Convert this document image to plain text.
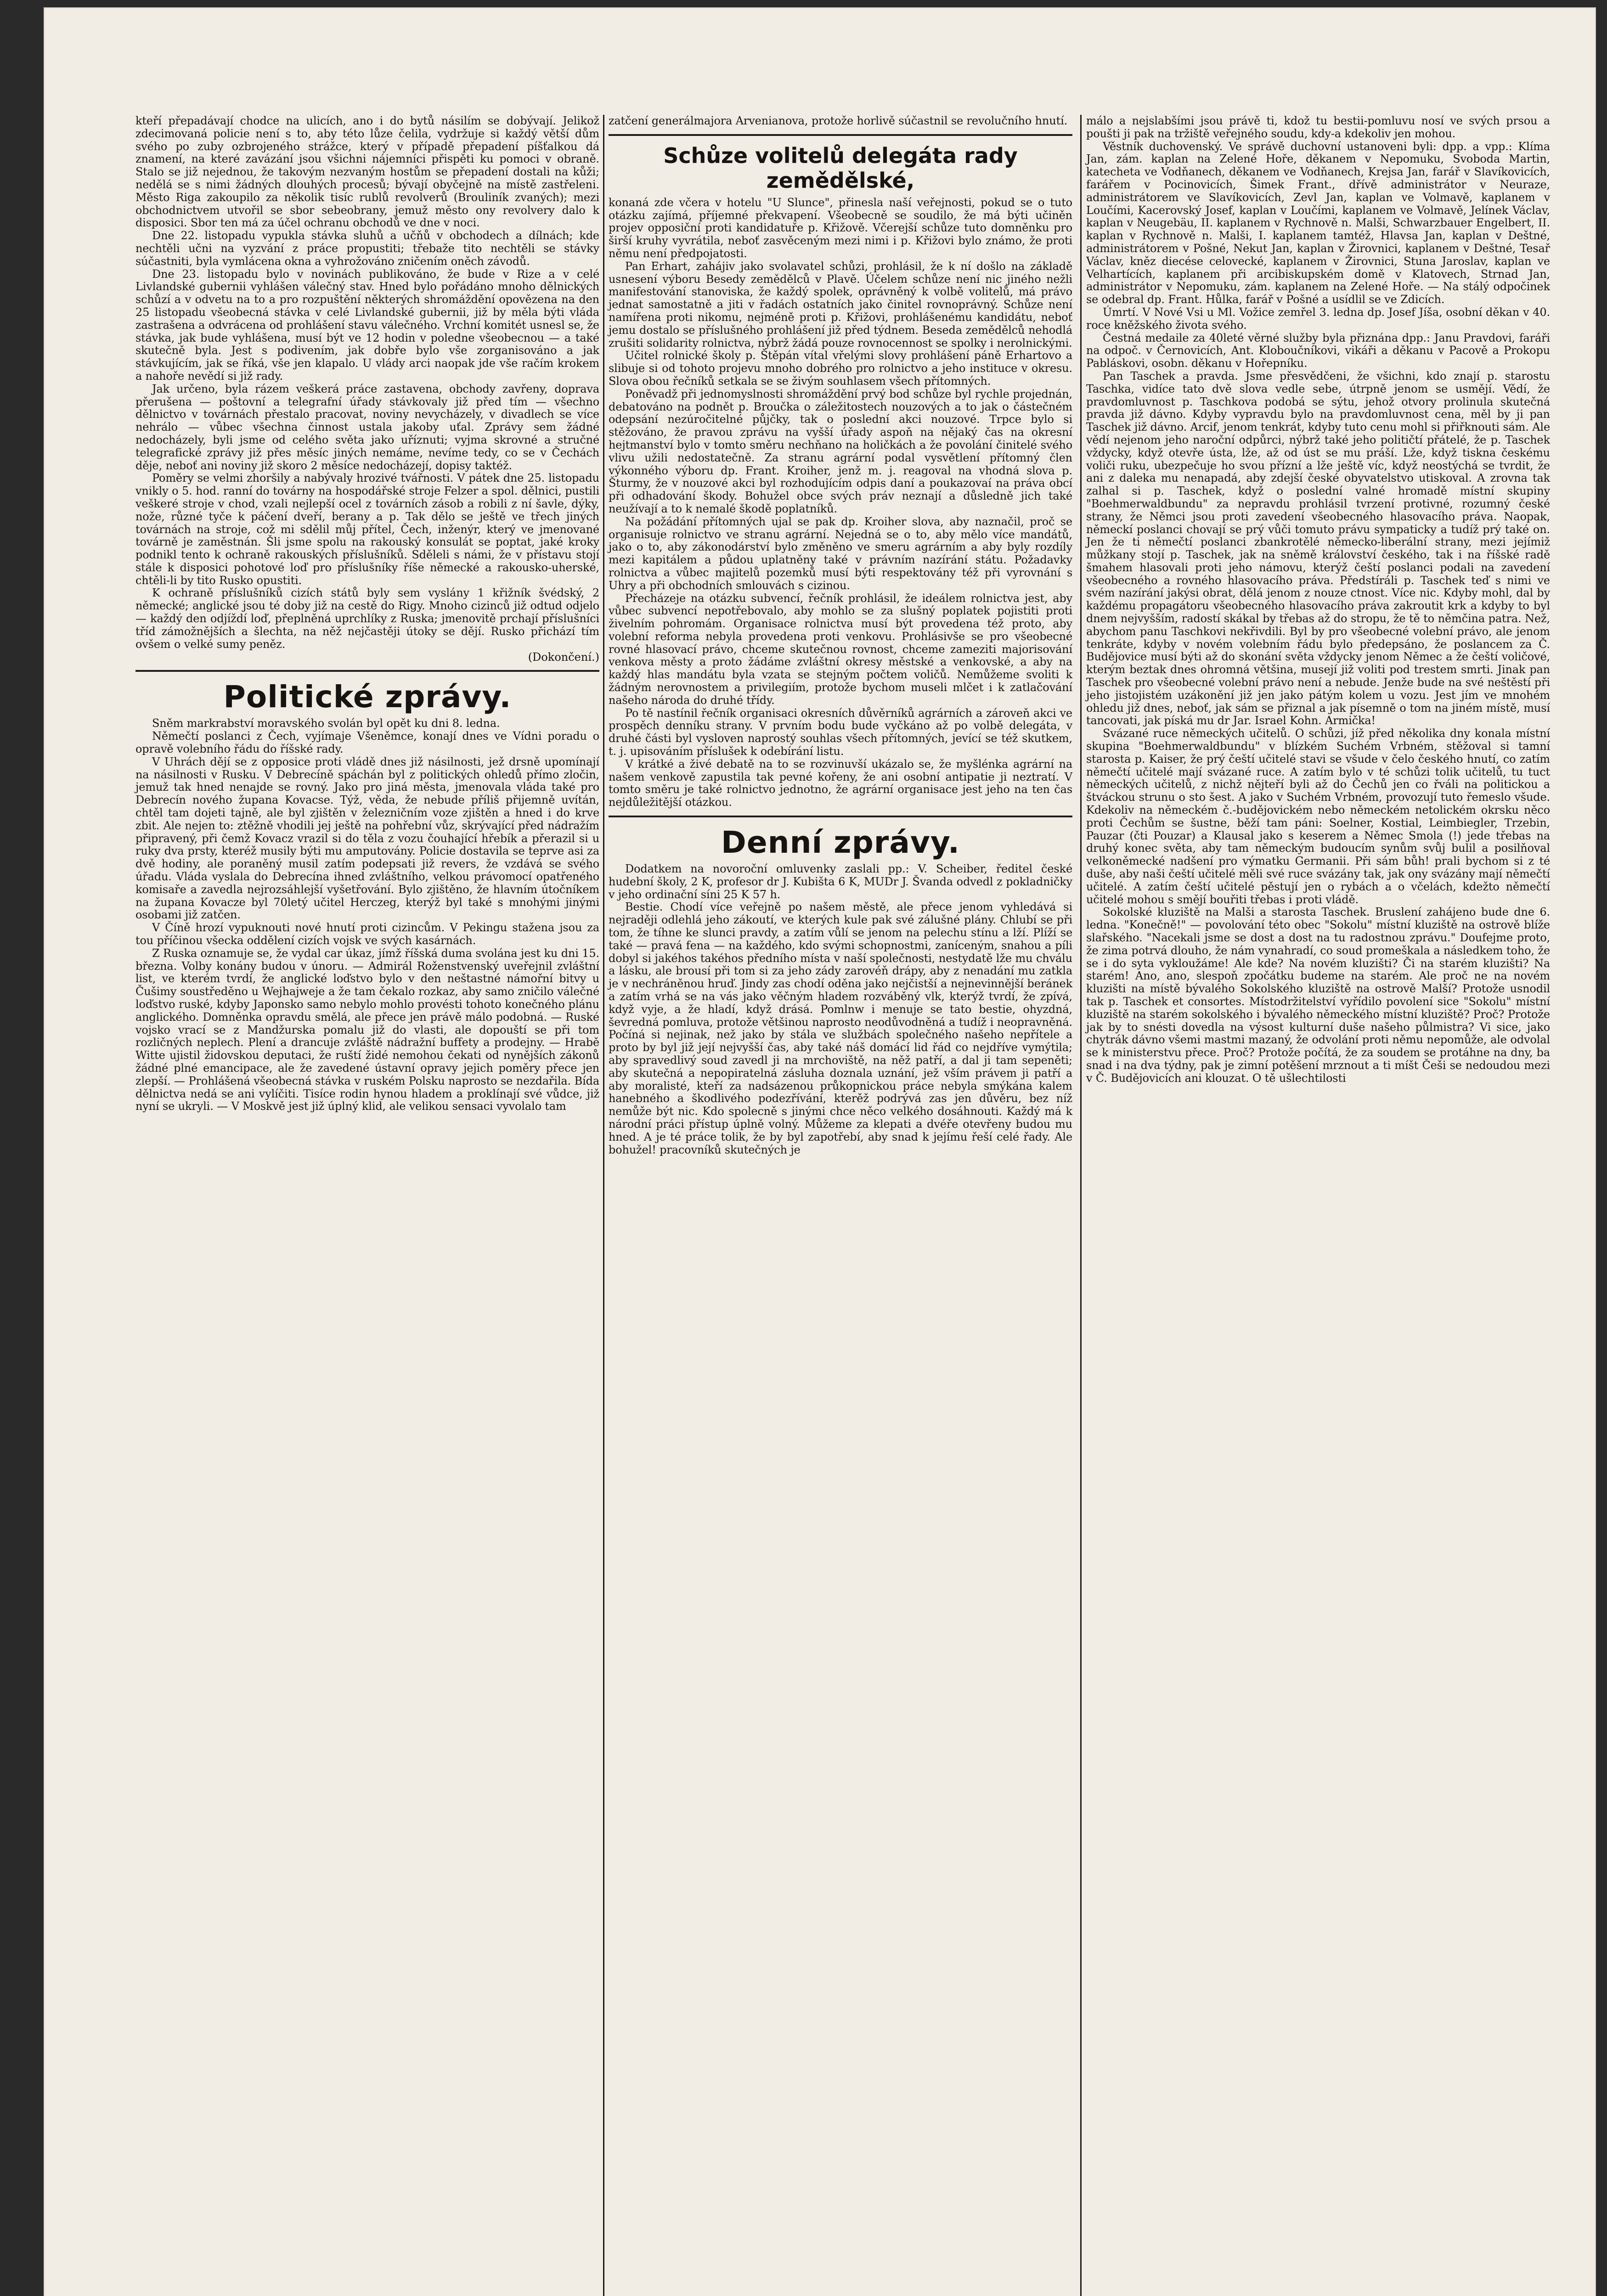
kteří přepadávají chodce na ulicích, ano i do bytů násilím se dobývají. Jelikož zdecimovaná policie není s to, aby této lůze čelila, vydržuje si každý větší dům svého po zuby ozbrojeného strážce, který v případě přepadení píšťalkou dá znamení, na které zavázání jsou všichni nájemníci přispěti ku pomoci v obraně. Stalo se již nejednou, že takovým nezvaným hostům se přepadení dostali na kůži; nedělá se s nimi žádných dlouhých procesů; bývají obyčejně na místě zastřeleni. Město Riga zakoupilo za několik tisíc rublů revolverů (Brouliník zvaných); mezi obchodnictvem utvořil se sbor sebeobrany, jemuž město ony revolvery dalo k disposici. Sbor ten má za účel ochranu obchodů ve dne v noci.

Dne 22. listopadu vypukla stávka sluhů a učňů v obchodech a dílnách; kde nechtěli učni na vyzvání z práce propustiti; třebaže tito nechtěli se stávky súčastniti, byla vymlácena okna a vyhrožováno zničením oněch závodů.

Dne 23. listopadu bylo v novinách publikováno, že bude v Rize a v celé Livlandské gubernii vyhlášen válečný stav. Hned bylo pořádáno mnoho dělnických schůzí a v odvetu na to a pro rozpuštění některých shromáždění opovězena na den 25 listopadu všeobecná stávka v celé Livlandské gubernii, již by měla býti vláda zastrašena a odvrácena od prohlášení stavu válečného. Vrchní komitét usnesl se, že stávka, jak bude vyhlášena, musí být ve 12 hodin v poledne všeobecnou — a také skutečně byla. Jest s podivením, jak dobře bylo vše zorganisováno a jak stávkujícím, jak se říká, vše jen klapalo. U vlády arci naopak jde vše račím krokem a nahoře nevědí si již rady.

Jak určeno, byla rázem veškerá práce zastavena, obchody zavřeny, doprava přerušena — poštovní a telegrafní úřady stávkovaly již před tím — všechno dělnictvo v továrnách přestalo pracovat, noviny nevycházely, v divadlech se více nehrálo — vůbec všechna činnost ustala jakoby uťal. Zprávy sem žádné nedocházely, byli jsme od celého světa jako uříznuti; vyjma skrovné a stručné telegrafické zprávy již přes měsíc jiných nemáme, nevíme tedy, co se v Čechách děje, neboť ani noviny již skoro 2 měsíce nedocházejí, dopisy taktéž.

Poměry se velmi zhoršily a nabývaly hrozivé tvářnosti. V pátek dne 25. listopadu vnikly o 5. hod. ranní do továrny na hospodářské stroje Felzer a spol. dělnici, pustili veškeré stroje v chod, vzali nejlepší ocel z továrních zásob a robili z ní šavle, dýky, nože, různé tyče k páčení dveří, berany a p. Tak dělo se ještě ve třech jiných továrnách na stroje, což mi sdělil můj přítel, Čech, inženýr, který ve jmenované továrně je zaměstnán. Šli jsme spolu na rakouský konsulát se poptat, jaké kroky podnikl tento k ochraně rakouských příslušníků. Sděleli s námi, že v přístavu stojí stále k disposici pohotové loď pro příslušníky říše německé a rakousko-uherské, chtěli-li by tito Rusko opustiti.

K ochraně příslušníků cizích států byly sem vyslány 1 křižník švédský, 2 německé; anglické jsou té doby již na cestě do Rigy. Mnoho cizinců již odtud odjelo — každý den odjíždí loď, přeplněná uprchlíky z Ruska; jmenovitě prchají příslušníci tříd zámožnějších a šlechta, na něž nejčastěji útoky se dějí. Rusko přichází tím ovšem o velké sumy peněz.

(Dokončení.)

Politické zprávy.

Sněm markrabství moravského svolán byl opět ku dni 8. ledna.

Němečtí poslanci z Čech, vyjímaje Všeněmce, konají dnes ve Vídni poradu o opravě volebního řádu do říšské rady.

V Uhrách dějí se z opposice proti vládě dnes již násilnosti, jež drsně upomínají na násilnosti v Rusku. V Debrecíně spáchán byl z politických ohledů přímo zločin, jemuž tak hned nenajde se rovný. Jako pro jiná města, jmenovala vláda také pro Debrecín nového župana Kovacse. Týž, věda, že nebude příliš přijemně uvítán, chtěl tam dojeti tajně, ale byl zjištěn v železničním voze zjištěn a hned i do krve zbit. Ale nejen to: ztěžně vhodili jej ještě na pohřební vůz, skrývající před nádražím připravený, při čemž Kovacz vrazil si do těla z vozu čouhající hřebík a přerazil si u ruky dva prsty, kteréž musily býti mu amputovány. Policie dostavila se teprve asi za dvě hodiny, ale poraněný musil zatím podepsati již revers, že vzdává se svého úřadu. Vláda vyslala do Debrecína ihned zvláštního, velkou právomocí opatřeného komisaře a zavedla nejrozsáhlejší vyšetřování. Bylo zjištěno, že hlavním útočníkem na župana Kovacze byl 70letý učitel Herczeg, kterýž byl také s mnohými jinými osobami již zatčen.

V Číně hrozí vypuknouti nové hnutí proti cizincům. V Pekingu stažena jsou za tou příčinou všecka oddělení cizích vojsk ve svých kasárnách.

Z Ruska oznamuje se, že vydal car úkaz, jímž říšská duma svolána jest ku dni 15. března. Volby konány budou v únoru. — Admirál Roženstvenský uveřejnil zvláštní list, ve kterém tvrdí, že anglické loďstvo bylo v den neštastné námořní bitvy u Čušimy soustředěno u Wejhajweje a že tam čekalo rozkaz, aby samo zničilo válečné loďstvo ruské, kdyby Japonsko samo nebylo mohlo provésti tohoto konečného plánu anglického. Domněnka opravdu smělá, ale přece jen právě málo podobná. — Ruské vojsko vrací se z Mandžurska pomalu již do vlasti, ale dopouští se při tom rozličných neplech. Plení a drancuje zvláště nádražní buffety a prodejny. — Hrabě Witte ujistil židovskou deputaci, že ruští židé nemohou čekati od nynějších zákonů žádné plné emancipace, ale že zavedené ústavní opravy jejich poměry přece jen zlepší. — Prohlášená všeobecná stávka v ruském Polsku naprosto se nezdařila. Bída dělnictva nedá se ani vylíčiti. Tisíce rodin hynou hladem a proklínají své vůdce, již nyní se ukryli. — V Moskvě jest již úplný klid, ale velikou sensaci vyvolalo tam

zatčení generálmajora Arvenianova, protože horlivě súčastnil se revolučního hnutí.

Schůze volitelů delegáta rady zemědělské,

konaná zde včera v hotelu "U Slunce", přinesla naší veřejnosti, pokud se o tuto otázku zajímá, příjemné překvapení. Všeobecně se soudilo, že má býti učiněn projev opposiční proti kandidatuře p. Křižově. Včerejší schůze tuto domněnku pro širší kruhy vyvrátila, neboť zasvěceným mezi nimi i p. Křižovi bylo známo, že proti němu není předpojatosti.

Pan Erhart, zahájiv jako svolavatel schůzi, prohlásil, že k ní došlo na základě usnesení výboru Besedy zemědělců v Plavě. Účelem schůze není nic jiného nežli manifestování stanoviska, že každý spolek, oprávněný k volbě volitelů, má právo jednat samostatně a jiti v řadách ostatních jako činitel rovnoprávný. Schůze není namířena proti nikomu, nejméně proti p. Křižovi, prohlášenému kandidátu, neboť jemu dostalo se příslušného prohlášení již před týdnem. Beseda zemědělců nehodlá zrušiti solidarity rolnictva, nýbrž žádá pouze rovnocennost se spolky i nerolnickými.

Učitel rolnické školy p. Štěpán vítal vřelými slovy prohlášení páně Erhartovo a slibuje si od tohoto projevu mnoho dobrého pro rolnictvo a jeho instituce v okresu. Slova obou řečníků setkala se se živým souhlasem všech přítomných.

Poněvadž při jednomyslnosti shromáždění prvý bod schůze byl rychle projednán, debatováno na podnět p. Broučka o záležitostech nouzových a to jak o částečném odepsání nezúročitelné půjčky, tak o poslední akci nouzové. Trpce bylo si stěžováno, že pravou zprávu na vyšší úřady aspoň na nějaký čas na okresní hejtmanství bylo v tomto směru nechňano na holičkách a že povolání činitelé svého vlivu užili nedostatečně. Za stranu agrární podal vysvětlení přítomný člen výkonného výboru dp. Frant. Kroiher, jenž m. j. reagoval na vhodná slova p. Šturmy, že v nouzové akci byl rozhodujícím odpis daní a poukazovaí na práva obcí při odhadování škody. Bohužel obce svých práv neznají a důsledně jich také neužívají a to k nemalé škodě poplatníků.

Na požádání přítomných ujal se pak dp. Kroiher slova, aby naznačil, proč se organisuje rolnictvo ve stranu agrární. Nejedná se o to, aby mělo více mandátů, jako o to, aby zákonodárství bylo změněno ve smeru agrárním a aby byly rozdíly mezi kapitálem a půdou uplatněny také v právním nazírání státu. Požadavky rolnictva a vůbec majitelů pozemků musí býti respektovány též při vyrovnání s Uhry a při obchodních smlouvách s cizinou.

Přecházeje na otázku subvencí, řečník prohlásil, že ideálem rolnictva jest, aby vůbec subvencí nepotřebovalo, aby mohlo se za slušný poplatek pojistiti proti živelním pohromám. Organisace rolnictva musí být provedena též proto, aby volební reforma nebyla provedena proti venkovu. Prohlásivše se pro všeobecné rovné hlasovací právo, chceme skutečnou rovnost, chceme zameziti majorisování venkova městy a proto žádáme zvláštní okresy městské a venkovské, a aby na každý hlas mandátu byla vzata se stejným počtem voličů. Nemůžeme svoliti k žádným nerovnostem a privilegiím, protože bychom museli mlčet i k zatlačování našeho národa do druhé třídy.

Po tě nastínil řečník organisaci okresních důvěrníků agrárních a zároveň akci ve prospěch denníku strany. V prvním bodu bude vyčkáno až po volbě delegáta, v druhé části byl vysloven naprostý souhlas všech přítomných, jevící se též skutkem, t. j. upisováním příslušek k odebírání listu.

V krátké a živé debatě na to se rozvinuvší ukázalo se, že myšlénka agrární na našem venkově zapustila tak pevné kořeny, že ani osobní antipatie ji neztratí. V tomto směru je také rolnictvo jednotno, že agrární organisace jest jeho na ten čas nejdůležitější otázkou.

Denní zprávy.

Dodatkem na novoroční omluvenky zaslali pp.: V. Scheiber, ředitel české hudební školy, 2 K, profesor dr J. Kubišta 6 K, MUDr J. Švanda odvedl z pokladničky v jeho ordinační síni 25 K 57 h.

Bestie. Chodí více veřejně po našem městě, ale přece jenom vyhledává si nejraději odlehlá jeho zákoutí, ve kterých kule pak své zálušné plány. Chlubí se při tom, že tíhne ke slunci pravdy, a zatím vůlí se jenom na pelechu stínu a lží. Plíží se také — pravá fena — na každého, kdo svými schopnostmi, zaníceným, snahou a píli dobyl si jakéhos takéhos předního místa v naší společnosti, nestydatě lže mu chválu a lásku, ale brousí při tom si za jeho zády zarovéň drápy, aby z nenadání mu zatkla je v nechráněnou hruď. Jindy zas chodí oděna jako nejčistší a nejnevinnější beránek a zatím vrhá se na vás jako věčným hladem rozváběný vlk, kterýž tvrdí, že zpívá, když vyje, a že hladí, když drásá. Pomlnw i menuje se tato bestie, ohyzdná, ševredná pomluva, protože většinou naprosto neodůvodněná a tudíž i neopravněná. Počíná si nejinak, než jako by stála ve službách společného našeho nepřítele a proto by byl již její nejvyšší čas, aby také náš domácí lid řád co nejdříve vymýtila; aby spravedlivý soud zavedl ji na mrchoviště, na něž patří, a dal ji tam sepeněti; aby skutečná a nepopiratelná zásluha doznala uznání, jež vším právem ji patří a aby moralisté, kteří za nadsázenou průkopnickou práce nebyla smýkána kalem hanebného a škodlivého podezřívání, kterěž podrývá zas jen důvěru, bez níž nemůže být nic. Kdo spolecně s jinými chce něco velkého dosáhnouti. Každý má k národní práci přístup úplně volný. Můžeme za klepati a dvéře otevřeny budou mu hned. A je té práce tolik, že by byl zapotřebí, aby snad k jejímu řeší celé řady. Ale bohužel! pracovníků skutečných je

málo a nejslabšími jsou právě ti, kdož tu bestii-pomluvu nosí ve svých prsou a poušti ji pak na tržiště veřejného soudu, kdy-a kdekoliv jen mohou.

Věstník duchovenský. Ve správě duchovní ustanoveni byli: dpp. a vpp.: Klíma Jan, zám. kaplan na Zelené Hoře, děkanem v Nepomuku, Svoboda Martin, katecheta ve Vodňanech, děkanem ve Vodňanech, Krejsa Jan, farář v Slavíkovicích, farářem v Pocinovicích, Šimek Frant., dřívě administrátor v Neuraze, administrátorem ve Slavíkovicích, Zevl Jan, kaplan ve Volmavě, kaplanem v Loučími, Kacerovský Josef, kaplan v Loučími, kaplanem ve Volmavě, Jelínek Václav, kaplan v Neugebäu, II. kaplanem v Rychnově n. Malši, Schwarzbauer Engelbert, II. kaplan v Rychnově n. Malši, I. kaplanem tamtéž, Hlavsa Jan, kaplan v Deštné, administrátorem v Pošné, Nekut Jan, kaplan v Žirovnici, kaplanem v Deštné, Tesař Václav, kněz diecése celovecké, kaplanem v Žirovnici, Stuna Jaroslav, kaplan ve Velhartících, kaplanem při arcibiskupském domě v Klatovech, Strnad Jan, administrátor v Nepomuku, zám. kaplanem na Zelené Hoře. — Na stálý odpočinek se odebral dp. Frant. Hůlka, farář v Pošné a usídlil se ve Zdicích.

Úmrtí. V Nové Vsi u Ml. Vožice zemřel 3. ledna dp. Josef Jíša, osobní děkan v 40. roce kněžského života svého.

Čestná medaile za 40leté věrné služby byla přiznána dpp.: Janu Pravdovi, faráři na odpoč. v Černovicích, Ant. Kloboučníkovi, vikáři a děkanu v Pacově a Prokopu Pabláskovi, osobn. děkanu v Hořepníku.

Pan Taschek a pravda. Jsme přesvědčeni, že všichni, kdo znají p. starostu Taschka, vidíce tato dvě slova vedle sebe, útrpně jenom se usmějí. Vědí, že pravdomluvnost p. Taschkova podobá se sýtu, jehož otvory prolinula skutečná pravda již dávno. Kdyby vypravdu bylo na pravdomluvnost cena, měl by ji pan Taschek již dávno. Arcif, jenom tenkrát, kdyby tuto cenu mohl si přiřknouti sám. Ale vědí nejenom jeho naroční odpůrci, nýbrž také jeho političtí přátelé, že p. Taschek vždycky, když otevře ústa, lže, až od úst se mu práší. Lže, když tiskna českému voliči ruku, ubezpečuje ho svou přízní a lže ještě víc, když neostýchá se tvrdit, že ani z daleka mu nenapadá, aby zdejší české obyvatelstvo utiskoval. A zrovna tak zalhal si p. Taschek, když o poslední valné hromadě místní skupiny "Boehmerwaldbundu" za nepravdu prohlásil tvrzení protivné, rozumný české strany, že Němci jsou proti zavedení všeobecného hlasovacího práva. Naopak, německí poslanci chovají se prý vůči tomuto právu sympaticky a tudíž prý také on. Jen že ti němečtí poslanci zbankrotělé německo-liberální strany, mezi jejímiž můžkany stojí p. Taschek, jak na sněmě království českého, tak i na říšské radě šmahem hlasovali proti jeho námovu, kterýž čeští poslanci podali na zavedení všeobecného a rovného hlasovacího práva. Předstíráli p. Taschek teď s nimi ve svém nazírání jakýsi obrat, dělá jenom z nouze ctnost. Více nic. Kdyby mohl, dal by každému propagátoru všeobecného hlasovacího práva zakroutit krk a kdyby to byl dnem nejvyšším, radostí skákal by třebas až do stropu, že tě to němčina patra. Než, abychom panu Taschkovi nekřivdili. Byl by pro všeobecné volební právo, ale jenom tenkráte, kdyby v novém volebním řádu bylo předepsáno, že poslancem za Č. Budějovice musí býti až do skonání světa vždycky jenom Němec a že čeští voličové, kterým beztak dnes ohromná většina, musejí již voliti pod trestem smrti. Jinak pan Taschek pro všeobecné volební právo není a nebude. Jenže bude na své neštěstí při jeho jistojistém uzákonění již jen jako pátým kolem u vozu. Jest jím ve mnohém ohledu již dnes, neboť, jak sám se přiznal a jak písemně o tom na jiném místě, musí tancovati, jak píská mu dr Jar. Israel Kohn. Armička!

Svázané ruce německých učitelů. O schůzi, jíž před několika dny konala místní skupina "Boehmerwaldbundu" v blízkém Suchém Vrbném, stěžoval si tamní starosta p. Kaiser, že prý čeští učitelé stavi se všude v čelo českého hnutí, co zatím němečtí učitelé mají svázané ruce. A zatím bylo v té schůzi tolik učitelů, tu tuct německých učitelů, z nichž nějteří byli až do Čechů jen co řváli na politickou a štváckou strunu o sto šest. A jako v Suchém Vrbném, provozují tuto řemeslo všude. Kdekoliv na německém č.-budějovickém nebo německém netolickém okrsku něco proti Čechům se šustne, běží tam páni: Soelner, Kostial, Leimbiegler, Trzebin, Pauzar (čti Pouzar) a Klausal jako s keserem a Němec Smola (!) jede třebas na druhý konec světa, aby tam německým budoucím synům svůj bulil a posilňoval velkoněmecké nadšení pro výmatku Germanii. Při sám bůh! prali bychom si z té duše, aby naši čeští učitelé měli své ruce svázány tak, jak ony svázány mají němečtí učitelé. A zatím čeští učitelé pěstují jen o rybách a o včelách, kdežto němečtí učitelé mohou s smějí bouřiti třebas i proti vládě.

Sokolské kluziště na Malši a starosta Taschek. Bruslení zahájeno bude dne 6. ledna. "Konečně!" — povolování této obec "Sokolu" místní kluziště na ostrově blíže slařského. "Nacekali jsme se dost a dost na tu radostnou zprávu." Doufejme proto, že zima potrvá dlouho, že nám vynahradí, co soud promeškala a následkem toho, že se i do syta vykloužáme! Ale kde? Na novém kluzišti? Či na starém kluzišti? Na starém! Ano, ano, slespoň zpočátku budeme na starém. Ale proč ne na novém kluzišti na místě bývalého Sokolského kluziště na ostrově Malší? Protože usnodil tak p. Taschek et consortes. Místodržitelství vyřídilo povolení sice "Sokolu" místní kluziště na starém sokolského i bývalého německého místní kluziště? Proč? Protože jak by to snésti dovedla na výsost kulturní duše našeho půlmistra? Vi sice, jako chytrák dávno všemi mastmi mazaný, že odvolání proti němu nepomůže, ale odvolal se k ministerstvu přece. Proč? Protože počítá, že za soudem se protáhne na dny, ba snad i na dva týdny, pak je zimní potěšení mrznout a ti míšt Češi se nedoudou mezi v Č. Budějovicích ani klouzat. O tě ušlechtilosti
